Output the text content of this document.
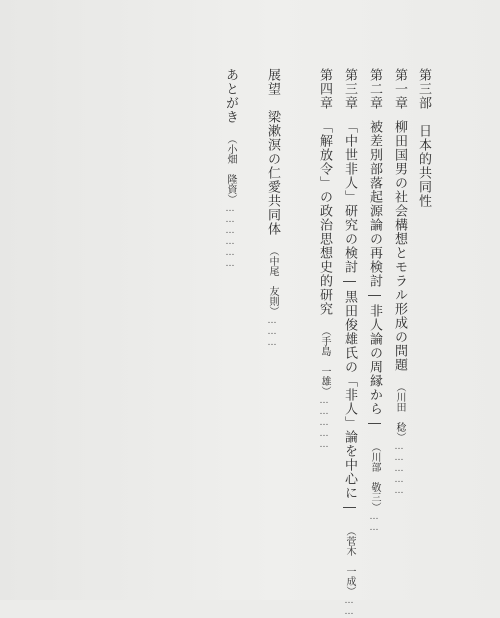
第三部日本的共同性
第一章柳田国男の社会構想とモラル形成の問題（川田　稔）……………
第二章被差別部落起源論の再検討―非人論の周縁から―（川部　敬三）……
第三章「中世非人」研究の検討―黒田俊雄氏の「非人」論を中心に―（菅木　一成）……
第四章「解放令」の政治思想史的研究（手島　一雄）……………
展望梁漱溟の仁愛共同体（中尾　友則）………
あとがき（小畑　隆資）………………
